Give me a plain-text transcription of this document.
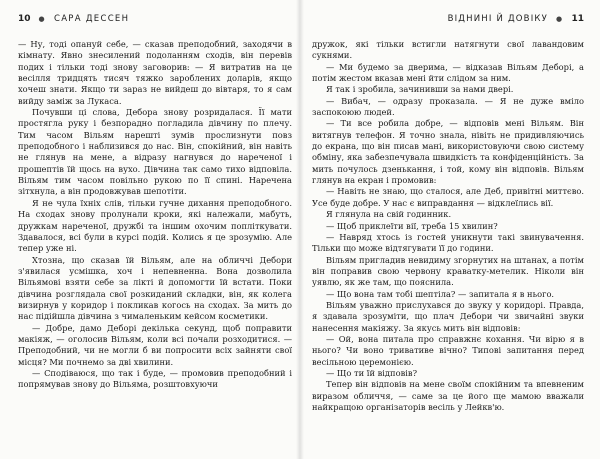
10 ● САРА ДЕССЕН

— Ну, тоді опануй себе, — сказав преподобний, заходячи в кімнату. Явно знесилений подоланням сходів, він перевів подих і тільки тоді знову заговорив: — Я витратив на це весілля тридцять тисяч тяжко зароблених доларів, якщо хочеш знати. Якщо ти зараз не вийдеш до вівтаря, то я сам вийду заміж за Лукаса.

Почувши ці слова, Дебора знову розридалася. Її мати простягла руку і безпорадно погладила дівчину по плечу. Тим часом Вільям нарешті зумів прослизнути повз преподобного і наблизився до нас. Він, спокійний, він навіть не глянув на мене, а відразу нагнувся до нареченої і прошептів їй щось на вухо. Дівчина так само тихо відповіла. Вільям тим часом повільно рукою по її спині. Наречена зітхнула, а він продовжував шепотіти.

Я не чула їхніх слів, тільки гучне дихання преподобного. На сходах знову пролунали кроки, які належали, мабуть, дружкам нареченої, дружбі та іншим охочим попліткувати. Здавалося, всі були в курсі подій. Колись я це зрозумію. Але тепер уже ні.

Хтозна, що сказав їй Вільям, але на обличчі Дебори з'явилася усмішка, хоч і непевненна. Вона дозволила Вільямові взяти себе за лікті й допомогти їй встати. Поки дівчина розглядала свої розкиданий складки, він, як колега визирнув у коридор і покликав когось на сходах. За мить до нас підійшла дівчина з чималеньким кейсом косметики.

— Добре, дамо Деборі декілька секунд, щоб поправити макіяж, — оголосив Вільям, коли всі почали розходитися. — Преподобний, чи не могли б ви попросити всіх зайняти свої місця? Ми почнемо за дві хвилини.

— Сподіваюся, що так і буде, — промовив преподобний і попрямував знову до Вільяма, розштовхуючи

ВІДНИНІ Й ДОВІКУ ● 11

дружок, які тільки встигли натягнути свої лавандовим сукнями.

— Ми будемо за дверима, — відказав Вільям Деборі, а потім жестом вказав мені йти слідом за ним.

Я так і зробила, зачинивши за нами двері.

— Вибач, — одразу проказала. — Я не дуже вміло заспокоюю людей.

— Ти все робила добре, — відповів мені Вільям. Він витягнув телефон. Я точно знала, нівіть не придивляючись до екрана, що він писав мані, використовуючи свою систему обміну, яка забезпечувала швидкість та конфіденційність. За мить почулось дзенькання, і той, кому він відповів. Вільям глянув на екран і промовив:

— Навіть не знаю, що сталося, але Деб, привітні миттєво. Усе буде добре. У нас є виправдання — відклеїлись вії.

Я глянула на свій годинник.

— Щоб приклеїти вії, треба 15 хвилин?

— Навряд хтось із гостей уникнути такі звинувачення. Тільки що може відтягувати її до години.

Вільям пригладив невидиму згорнутих на штанах, а потім він поправив свою червону краватку-метелик. Ніколи він уявлю, як же там, що пояснила.

— Що вона там тобі шептіла? — запитала я в нього.

Вільям уважно прислухався до звуку у коридорі. Правда, я здавала зрозуміти, що плач Дебори чи звичайні звуки нанесення макіяжу. За якусь мить він відповів:

— Ой, вона питала про справжнє кохання. Чи вірю я в нього? Чи воно тривативе вічно? Типові запитання перед весільною церемонією.

— Що ти їй відповів?

Тепер він відповів на мене своїм спокійним та впевненим виразом обличчя, — саме за це його ще мамою вважали найкращою організаторів весіль у Лейкв'ю.
